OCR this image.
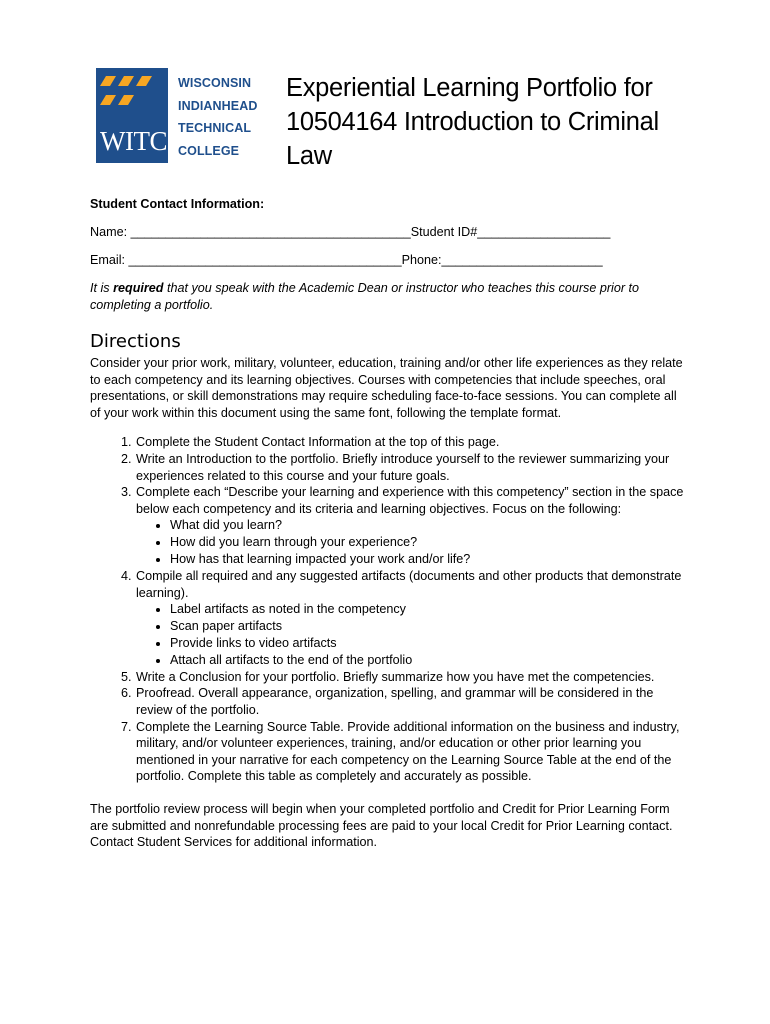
WITC
WISCONSIN
INDIANHEAD
TECHNICAL
COLLEGE
Experiential Learning Portfolio for 10504164 Introduction to Criminal Law

Student Contact Information:

Name: ________________________________________Student ID#___________________

Email: _______________________________________Phone:_______________________

It is required that you speak with the Academic Dean or instructor who teaches this course prior to completing a portfolio.

Directions

Consider your prior work, military, volunteer, education, training and/or other life experiences as they relate to each competency and its learning objectives. Courses with competencies that include speeches, oral presentations, or skill demonstrations may require scheduling face-to-face sessions. You can complete all of your work within this document using the same font, following the template format.

1. Complete the Student Contact Information at the top of this page.
2. Write an Introduction to the portfolio. Briefly introduce yourself to the reviewer summarizing your experiences related to this course and your future goals.
3. Complete each “Describe your learning and experience with this competency” section in the space below each competency and its criteria and learning objectives. Focus on the following:
• What did you learn?
• How did you learn through your experience?
• How has that learning impacted your work and/or life?
4. Compile all required and any suggested artifacts (documents and other products that demonstrate learning).
• Label artifacts as noted in the competency
• Scan paper artifacts
• Provide links to video artifacts
• Attach all artifacts to the end of the portfolio
5. Write a Conclusion for your portfolio. Briefly summarize how you have met the competencies.
6. Proofread. Overall appearance, organization, spelling, and grammar will be considered in the review of the portfolio.
7. Complete the Learning Source Table. Provide additional information on the business and industry, military, and/or volunteer experiences, training, and/or education or other prior learning you mentioned in your narrative for each competency on the Learning Source Table at the end of the portfolio. Complete this table as completely and accurately as possible.

The portfolio review process will begin when your completed portfolio and Credit for Prior Learning Form are submitted and nonrefundable processing fees are paid to your local Credit for Prior Learning contact. Contact Student Services for additional information.
